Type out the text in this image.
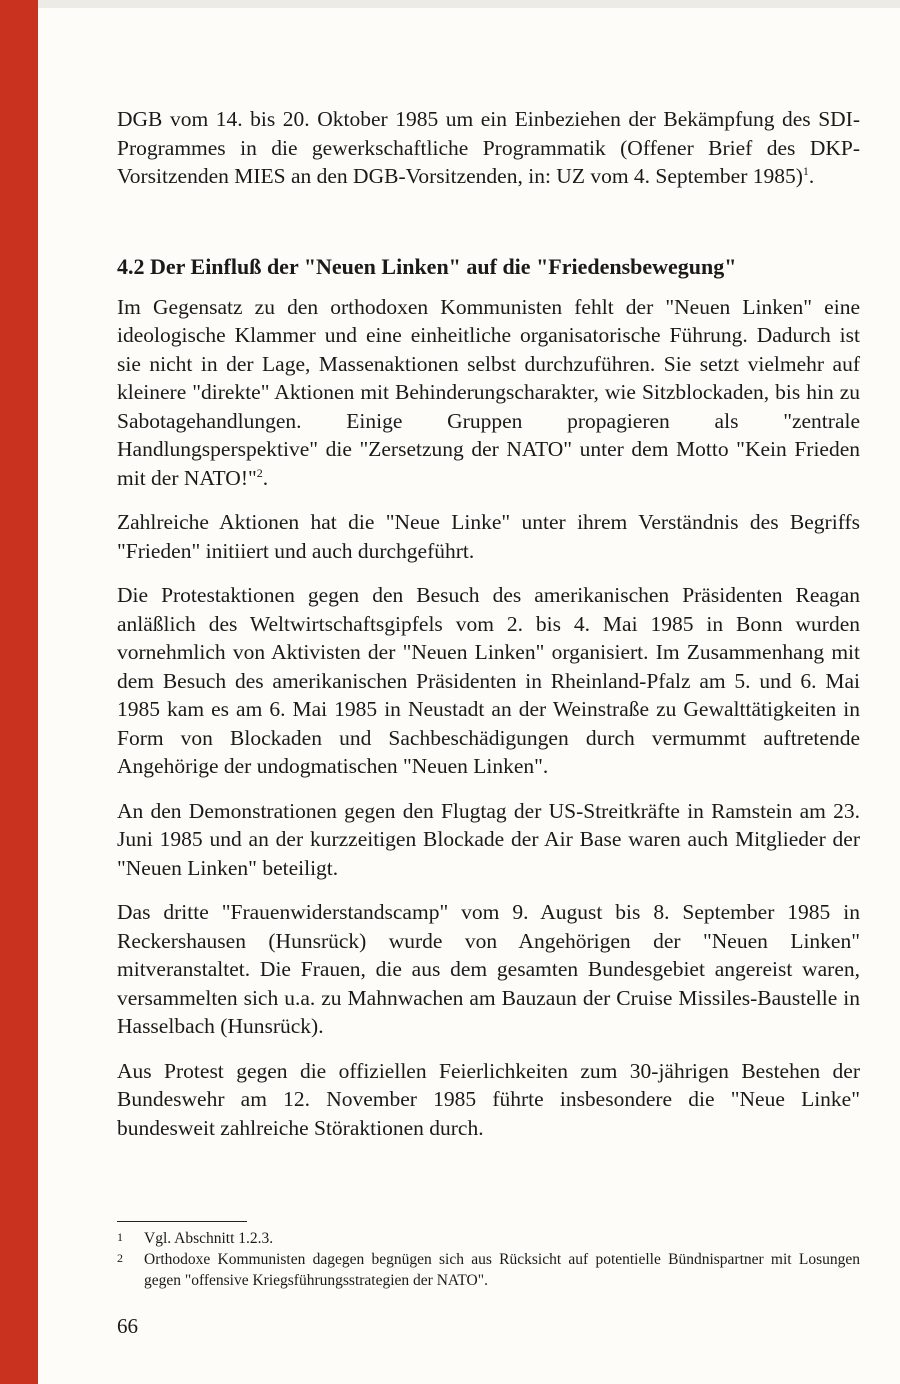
DGB vom 14. bis 20. Oktober 1985 um ein Einbeziehen der Bekämpfung des SDI-Programmes in die gewerkschaftliche Programmatik (Offener Brief des DKP-Vorsitzenden MIES an den DGB-Vorsitzenden, in: UZ vom 4. September 1985)$^1$.

4.2 Der Einfluß der "Neuen Linken" auf die "Friedensbewegung"

Im Gegensatz zu den orthodoxen Kommunisten fehlt der "Neuen Linken" eine ideologische Klammer und eine einheitliche organisatorische Führung. Dadurch ist sie nicht in der Lage, Massenaktionen selbst durchzuführen. Sie setzt vielmehr auf kleinere "direkte" Aktionen mit Behinderungscharakter, wie Sitzblockaden, bis hin zu Sabotagehandlungen. Einige Gruppen propagieren als "zentrale Handlungsperspektive" die "Zersetzung der NATO" unter dem Motto "Kein Frieden mit der NATO!"$^2$.

Zahlreiche Aktionen hat die "Neue Linke" unter ihrem Verständnis des Begriffs "Frieden" initiiert und auch durchgeführt.

Die Protestaktionen gegen den Besuch des amerikanischen Präsidenten Reagan anläßlich des Weltwirtschaftsgipfels vom 2. bis 4. Mai 1985 in Bonn wurden vornehmlich von Aktivisten der "Neuen Linken" organisiert. Im Zusammenhang mit dem Besuch des amerikanischen Präsidenten in Rheinland-Pfalz am 5. und 6. Mai 1985 kam es am 6. Mai 1985 in Neustadt an der Weinstraße zu Gewalttätigkeiten in Form von Blockaden und Sachbeschädigungen durch vermummt auftretende Angehörige der undogmatischen "Neuen Linken".

An den Demonstrationen gegen den Flugtag der US-Streitkräfte in Ramstein am 23. Juni 1985 und an der kurzzeitigen Blockade der Air Base waren auch Mitglieder der "Neuen Linken" beteiligt.

Das dritte "Frauenwiderstandscamp" vom 9. August bis 8. September 1985 in Reckershausen (Hunsrück) wurde von Angehörigen der "Neuen Linken" mitveranstaltet. Die Frauen, die aus dem gesamten Bundesgebiet angereist waren, versammelten sich u.a. zu Mahnwachen am Bauzaun der Cruise Missiles-Baustelle in Hasselbach (Hunsrück).

Aus Protest gegen die offiziellen Feierlichkeiten zum 30-jährigen Bestehen der Bundeswehr am 12. November 1985 führte insbesondere die "Neue Linke" bundesweit zahlreiche Störaktionen durch.

1	Vgl. Abschnitt 1.2.3.
2	Orthodoxe Kommunisten dagegen begnügen sich aus Rücksicht auf potentielle Bündnispartner mit Losungen gegen "offensive Kriegsführungsstrategien der NATO".
66
